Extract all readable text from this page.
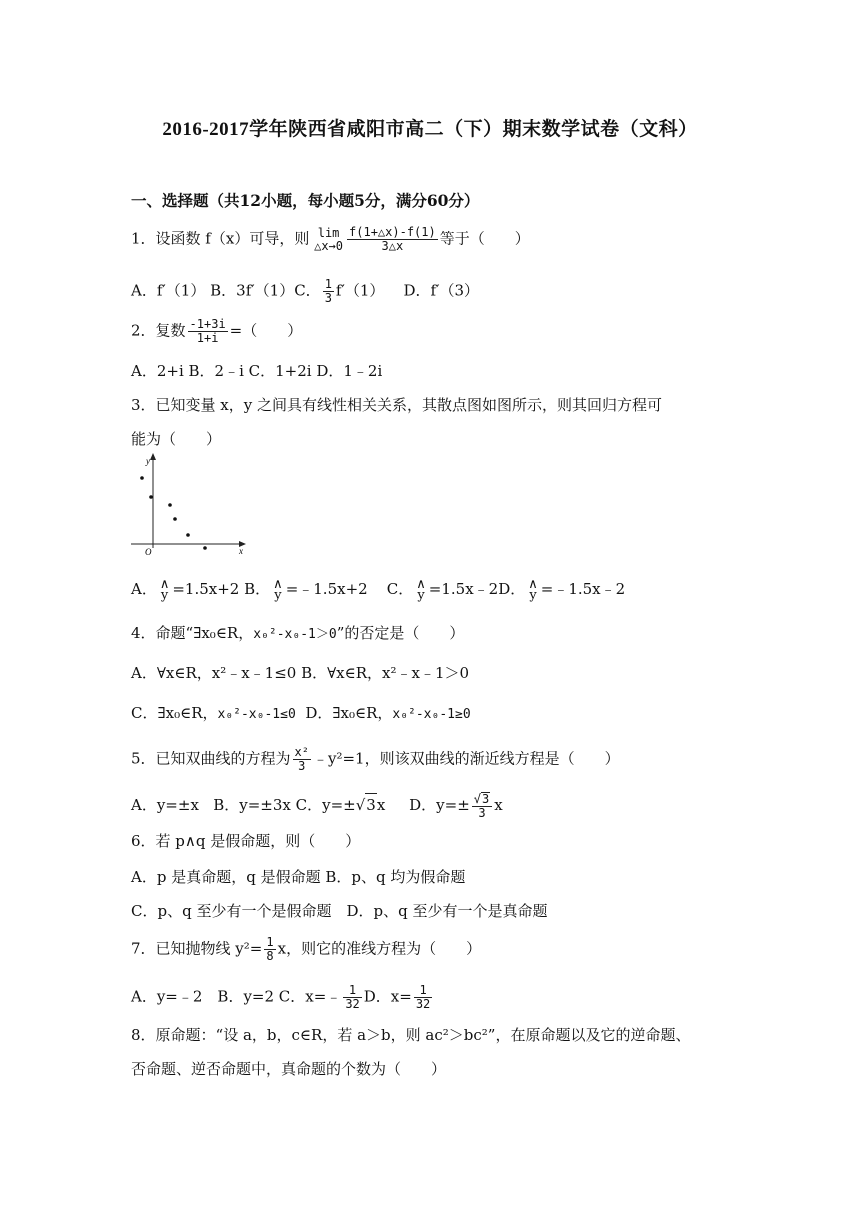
2016-2017学年陕西省咸阳市高二（下）期末数学试卷（文科）
一、选择题（共12小题，每小题5分，满分60分）
1．设函数 f（x）可导，则 lim
△x→0 $\frac{f(1+\triangle x)-f(1)}{3\triangle x}$ 等于（　　）
A．f′（1） B．3f′（1）C． $\frac{1}{3} f'(1)$ D．f′（3）
2．复数 $\frac{-1+3i}{1+i}$ =（　　）
A．2+i B．2﹣i C．1+2i D．1﹣2i
3．已知变量 x，y 之间具有线性相关关系，其散点图如图所示，则其回归方程可
能为（　　）
y
x
O
A． ∧
y =1.5x+2 B． ∧
y =﹣1.5x+2 C． ∧
y =1.5x﹣2D． ∧
y =﹣1.5x﹣2
4．命题“∃x₀∈R，x₀²-x₀-1＞0”的否定是（　　）
A．∀x∈R，x²﹣x﹣1≤0 B．∀x∈R，x²﹣x﹣1＞0
C．∃x₀∈R，x₀²-x₀-1≤0 D．∃x₀∈R，x₀²-x₀-1≥0
5．已知双曲线的方程为 $\frac{\text{x²}}{3}$ ﹣y²=1，则该双曲线的渐近线方程是（　　）
A．y=±x B．y=±3x C．y=±√3x D．$y=\pm \frac{√3}{3}$ x
6．若 p∧q 是假命题，则（　　）
A．p 是真命题，q 是假命题 B．p、q 均为假命题
C．p、q 至少有一个是假命题　D．p、q 至少有一个是真命题
7．已知抛物线 $y^2= \frac{1}{8}$ x，则它的准线方程为（　　）
A．y=﹣2　B．y=2 C．x=﹣ $\frac{1}{32}$ D．$x= \frac{1}{32}$
8．原命题：“设 a，b，c∈R，若 a＞b，则 ac²＞bc²”，在原命题以及它的逆命题、
否命题、逆否命题中，真命题的个数为（　　）
